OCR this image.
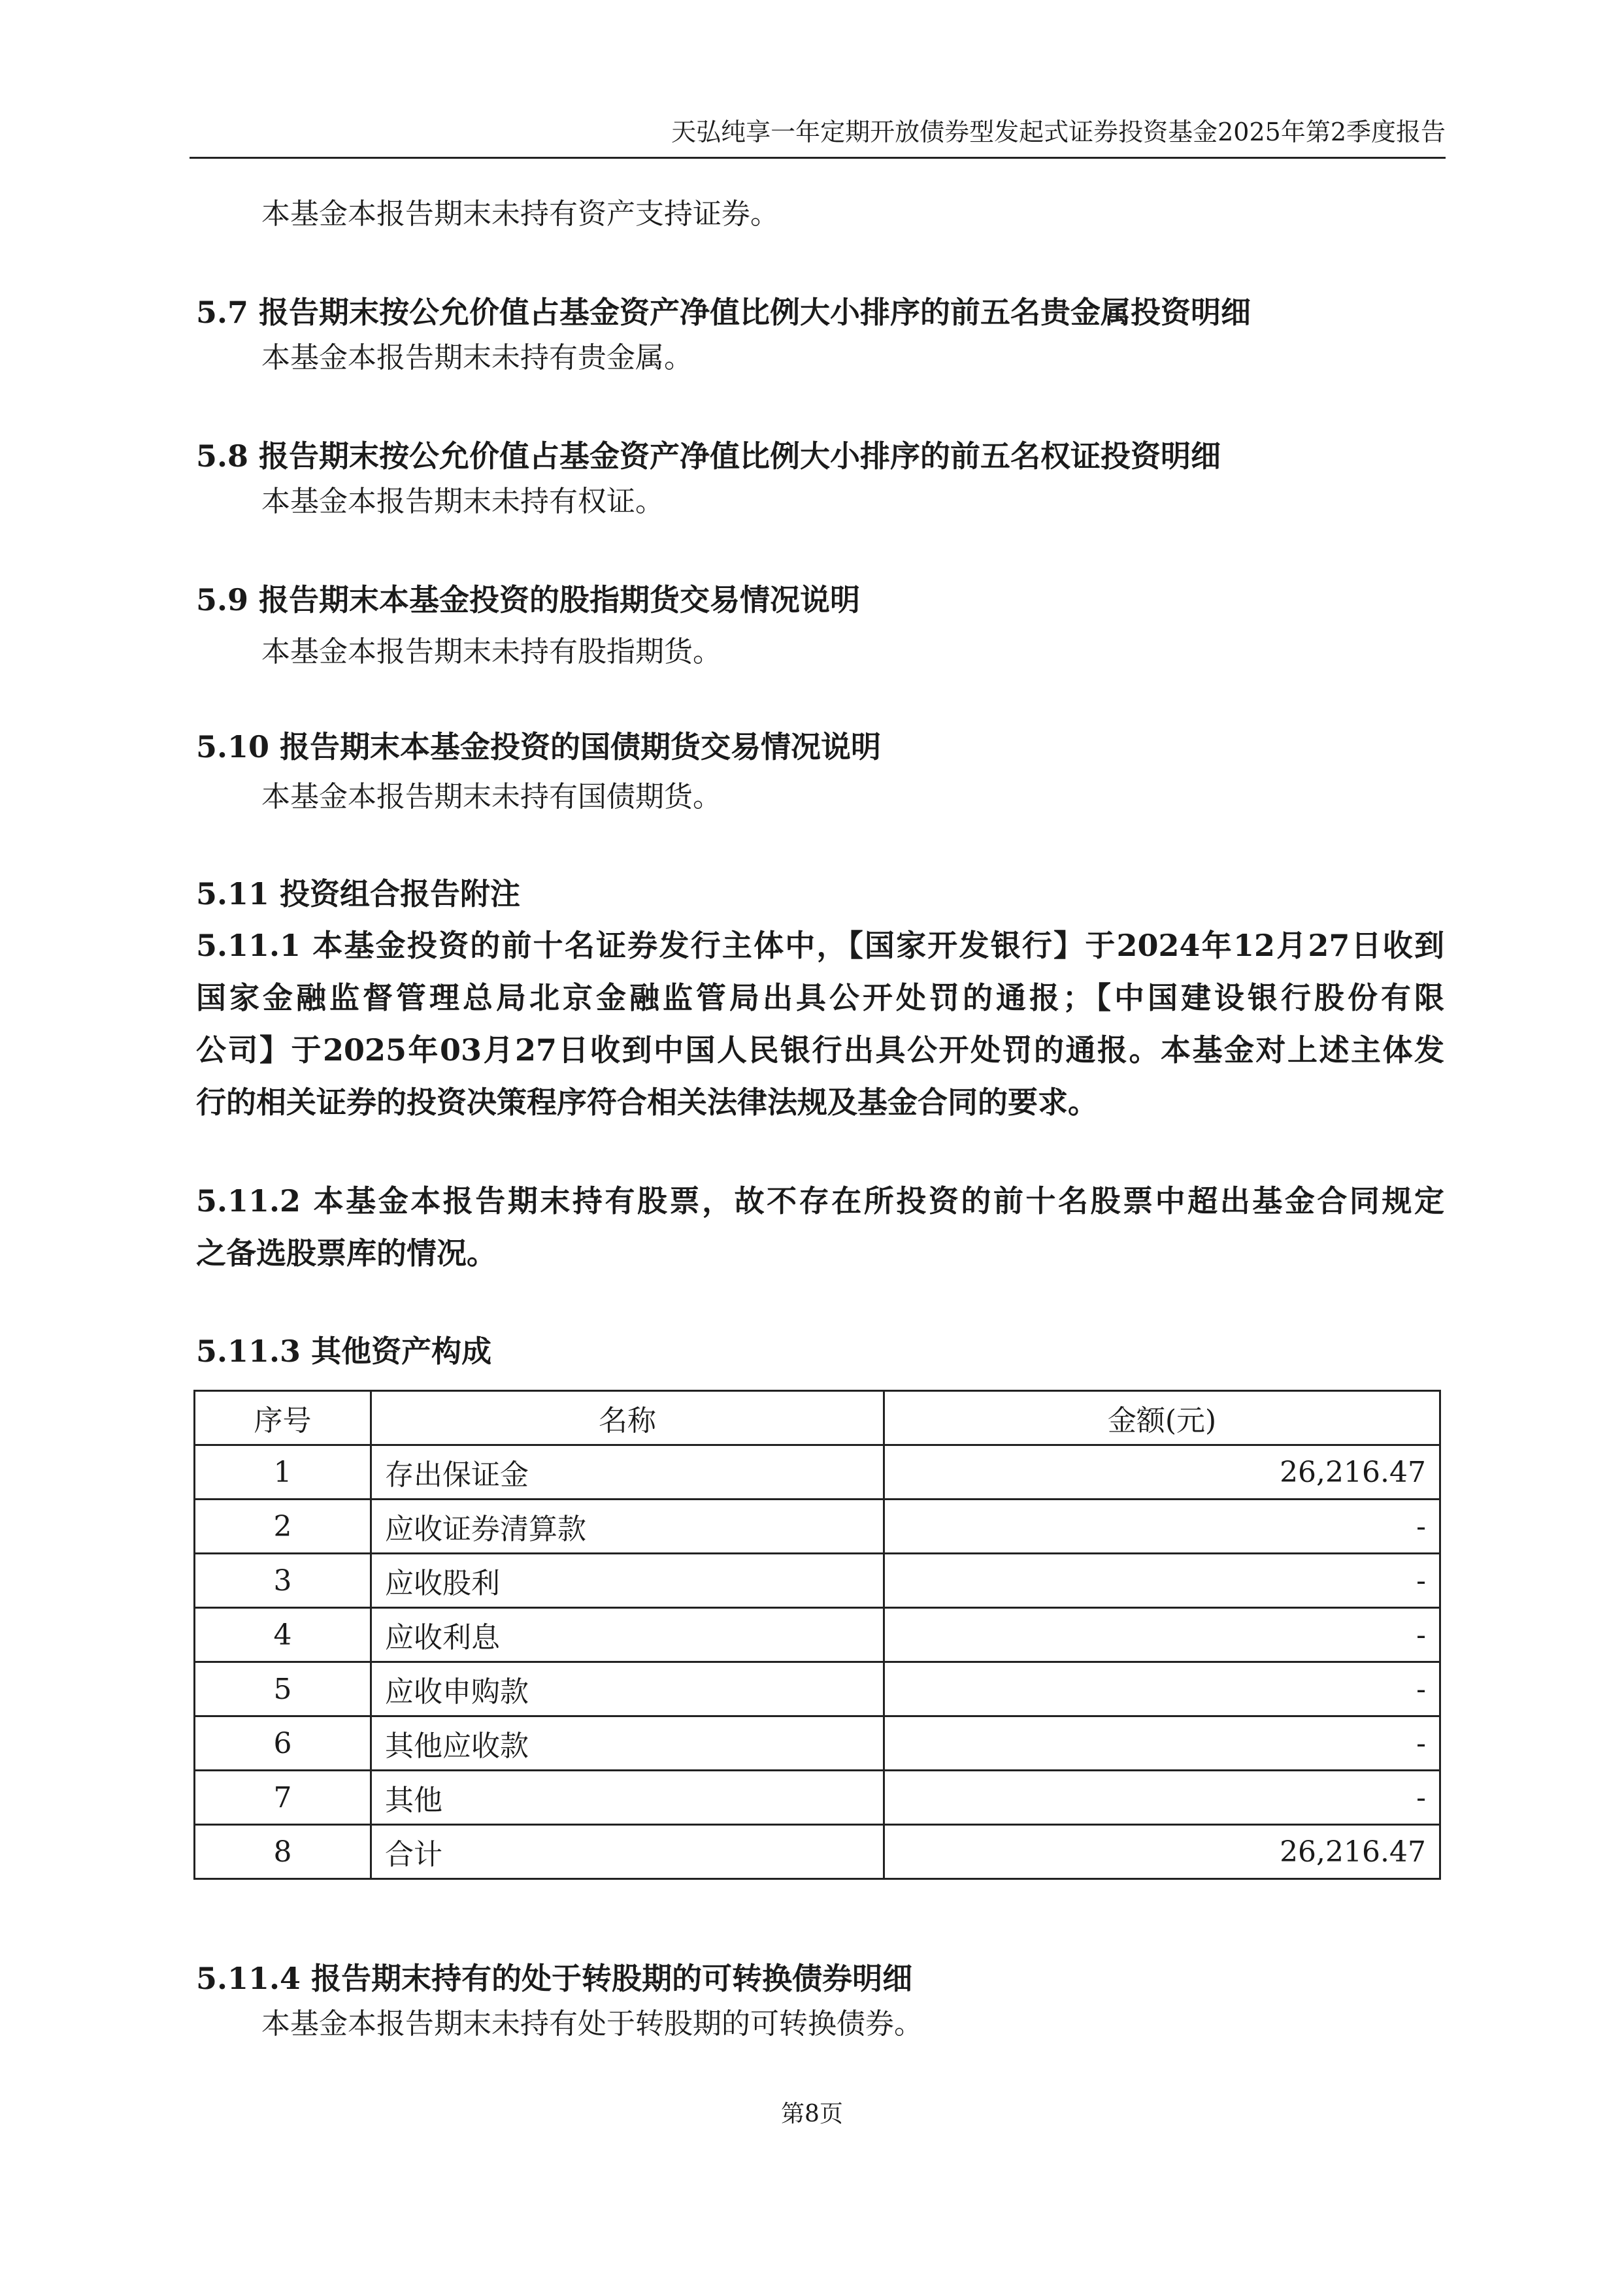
天弘纯享一年定期开放债券型发起式证券投资基金2025年第2季度报告
本基金本报告期末未持有资产支持证券。
5.7 报告期末按公允价值占基金资产净值比例大小排序的前五名贵金属投资明细
本基金本报告期末未持有贵金属。
5.8 报告期末按公允价值占基金资产净值比例大小排序的前五名权证投资明细
本基金本报告期末未持有权证。
5.9 报告期末本基金投资的股指期货交易情况说明
本基金本报告期末未持有股指期货。
5.10 报告期末本基金投资的国债期货交易情况说明
本基金本报告期末未持有国债期货。
5.11 投资组合报告附注
5.11.1 本基金投资的前十名证券发行主体中，【国家开发银行】于2024年12月27日收到
国家金融监督管理总局北京金融监管局出具公开处罚的通报；【中国建设银行股份有限
公司】于2025年03月27日收到中国人民银行出具公开处罚的通报。本基金对上述主体发
行的相关证券的投资决策程序符合相关法律法规及基金合同的要求。
5.11.2 本基金本报告期末持有股票，故不存在所投资的前十名股票中超出基金合同规定
之备选股票库的情况。
5.11.3 其他资产构成
序号	名称	金额(元)
1	存出保证金	26,216.47
2	应收证券清算款	-
3	应收股利	-
4	应收利息	-
5	应收申购款	-
6	其他应收款	-
7	其他	-
8	合计	26,216.47
5.11.4 报告期末持有的处于转股期的可转换债券明细
本基金本报告期末未持有处于转股期的可转换债券。
第8页
